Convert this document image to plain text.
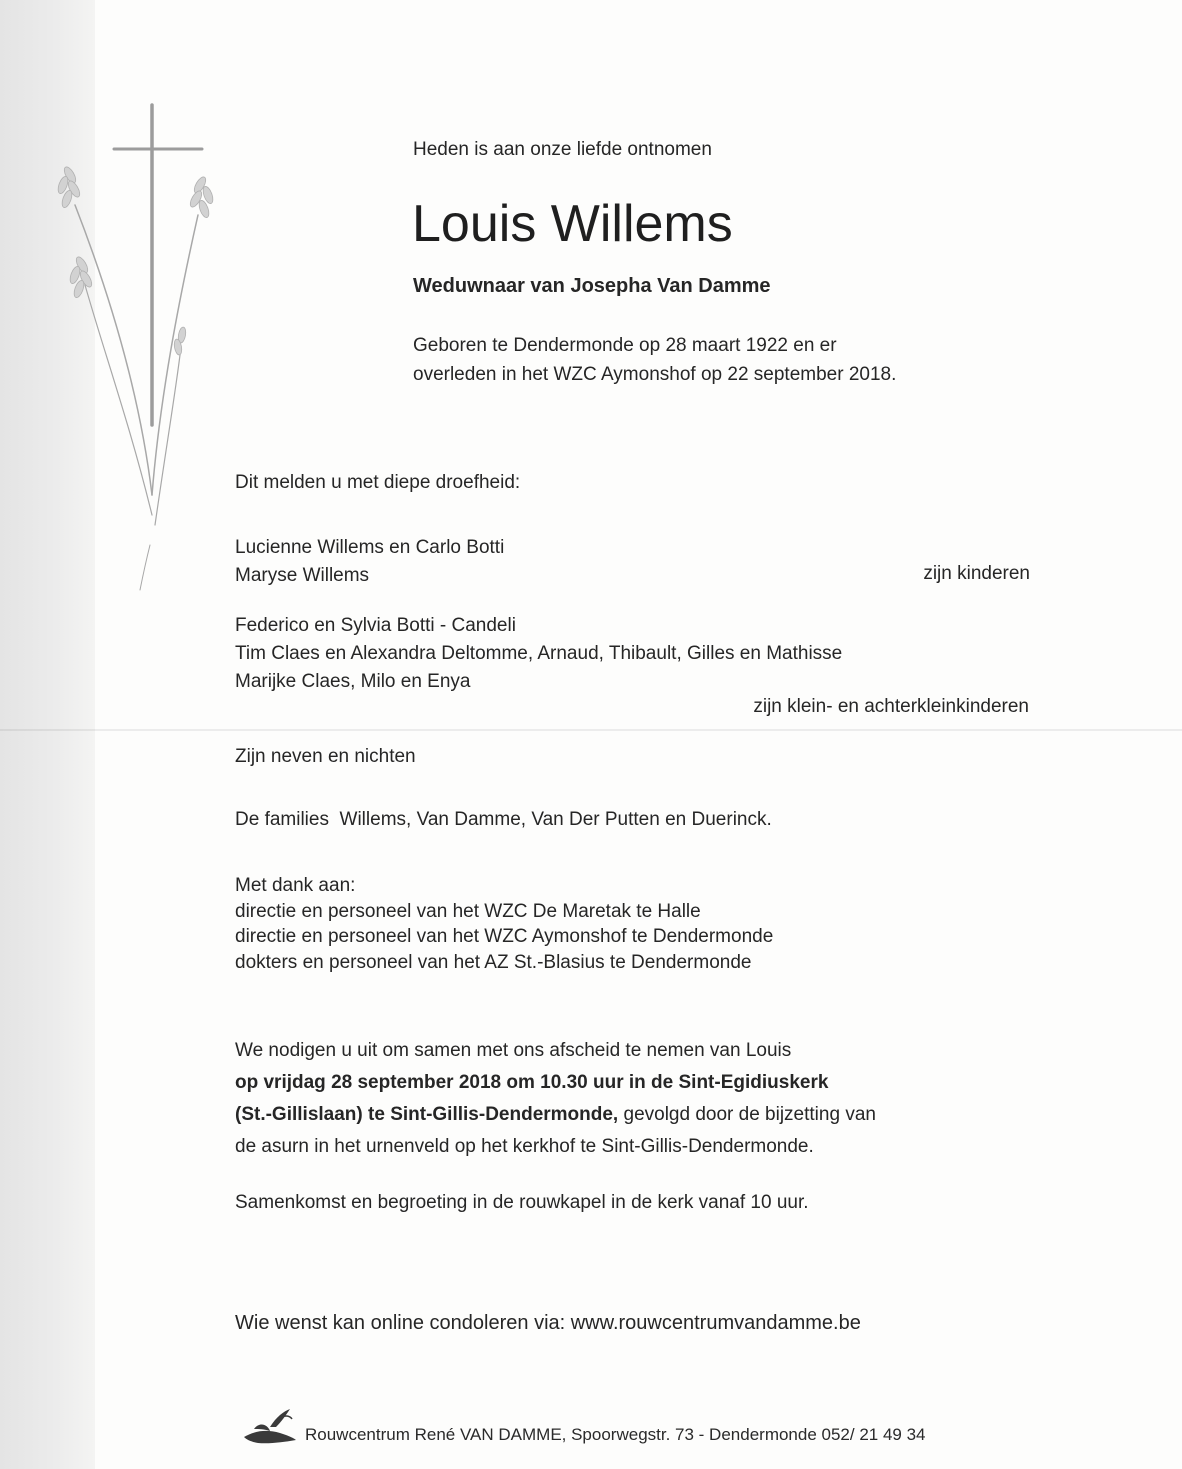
Heden is aan onze liefde ontnomen
Louis Willems
Weduwnaar van Josepha Van Damme
Geboren te Dendermonde op 28 maart 1922 en er
overleden in het WZC Aymonshof op 22 september 2018.
Dit melden u met diepe droefheid:
Lucienne Willems en Carlo Botti
Maryse Willems	zijn kinderen
Federico en Sylvia Botti - Candeli
Tim Claes en Alexandra Deltomme, Arnaud, Thibault, Gilles en Mathisse
Marijke Claes, Milo en Enya
zijn klein- en achterkleinkinderen
Zijn neven en nichten
De families  Willems, Van Damme, Van Der Putten en Duerinck.
Met dank aan:
directie en personeel van het WZC De Maretak te Halle
directie en personeel van het WZC Aymonshof te Dendermonde
dokters en personeel van het AZ St.-Blasius te Dendermonde
We nodigen u uit om samen met ons afscheid te nemen van Louis
op vrijdag 28 september 2018 om 10.30 uur in de Sint-Egidiuskerk
(St.-Gillislaan) te Sint-Gillis-Dendermonde, gevolgd door de bijzetting van
de asurn in het urnenveld op het kerkhof te Sint-Gillis-Dendermonde.
Samenkomst en begroeting in de rouwkapel in de kerk vanaf 10 uur.
Wie wenst kan online condoleren via: www.rouwcentrumvandamme.be
Rouwcentrum René VAN DAMME, Spoorwegstr. 73 - Dendermonde 052/ 21 49 34
